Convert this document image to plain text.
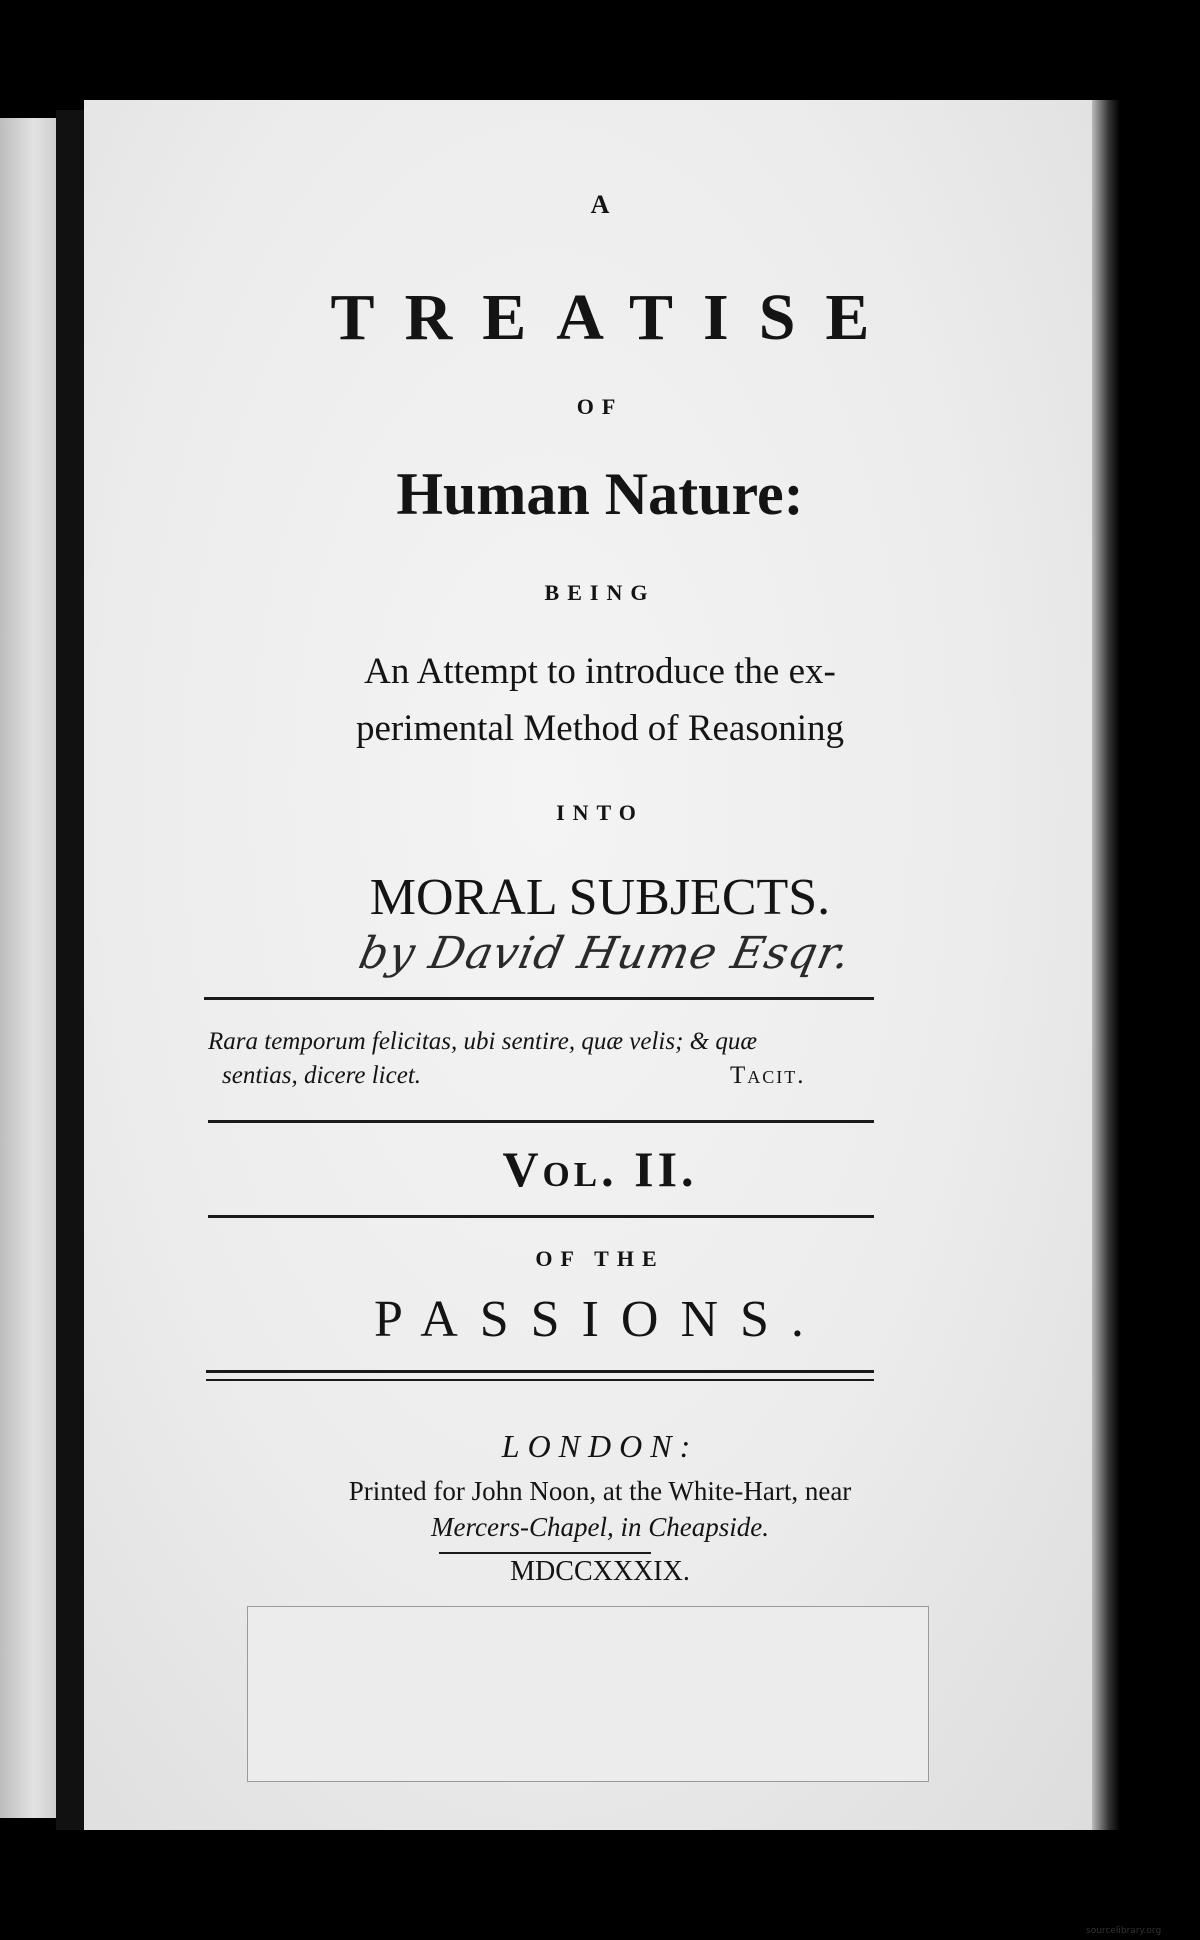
A
TREATISE
OF
Human Nature:
BEING
An Attempt to introduce the ex-
perimental Method of Reasoning
INTO
MORAL SUBJECTS.
by David Hume Esqr.
Rara temporum felicitas, ubi sentire, quæ velis; & quæ
sentias, dicere licet.	Tacit.
Vol. II.
OF THE
PASSIONS.
LONDON:
Printed for John Noon, at the White-Hart, near
Mercers-Chapel, in Cheapside.
MDCCXXXIX.
sourcelibrary.org
